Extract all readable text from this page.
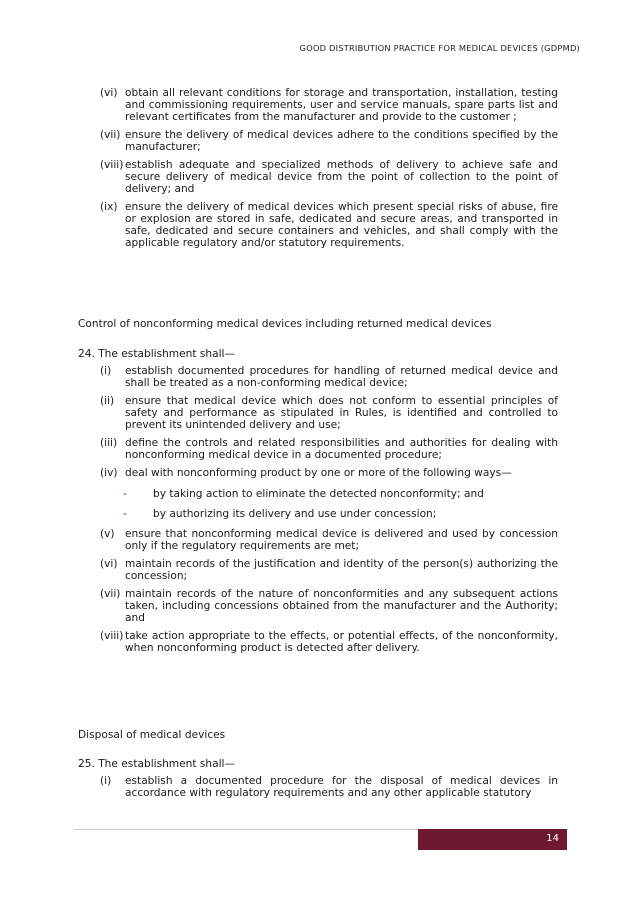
GOOD DISTRIBUTION PRACTICE FOR MEDICAL DEVICES (GDPMD)
(vi) obtain all relevant conditions for storage and transportation, installation, testing and commissioning requirements, user and service manuals, spare parts list and relevant certificates from the manufacturer and provide to the customer ;
(vii) ensure the delivery of medical devices adhere to the conditions specified by the manufacturer;
(viii) establish adequate and specialized methods of delivery to achieve safe and secure delivery of medical device from the point of collection to the point of delivery; and
(ix) ensure the delivery of medical devices which present special risks of abuse, fire or explosion are stored in safe, dedicated and secure areas, and transported in safe, dedicated and secure containers and vehicles, and shall comply with the applicable regulatory and/or statutory requirements.
Control of nonconforming medical devices including returned medical devices
24. The establishment shall—
(i)	establish documented procedures for handling of returned medical device and shall be treated as a non-conforming medical device;
(ii)	ensure that medical device which does not conform to essential principles of safety and performance as stipulated in Rules, is identified and controlled to prevent its unintended delivery and use;
(iii) define the controls and related responsibilities and authorities for dealing with nonconforming medical device in a documented procedure;
(iv) deal with nonconforming product by one or more of the following ways—
-	by taking action to eliminate the detected nonconformity; and
-	by authorizing its delivery and use under concession;
(v) ensure that nonconforming medical device is delivered and used by concession only if the regulatory requirements are met;
(vi) maintain records of the justification and identity of the person(s) authorizing the concession;
(vii) maintain records of the nature of nonconformities and any subsequent actions taken, including concessions obtained from the manufacturer and the Authority; and
(viii) take action appropriate to the effects, or potential effects, of the nonconformity, when nonconforming product is detected after delivery.
Disposal of medical devices
25. The establishment shall—
(i)	establish a documented procedure for the disposal of medical devices in accordance with regulatory requirements and any other applicable statutory
14
